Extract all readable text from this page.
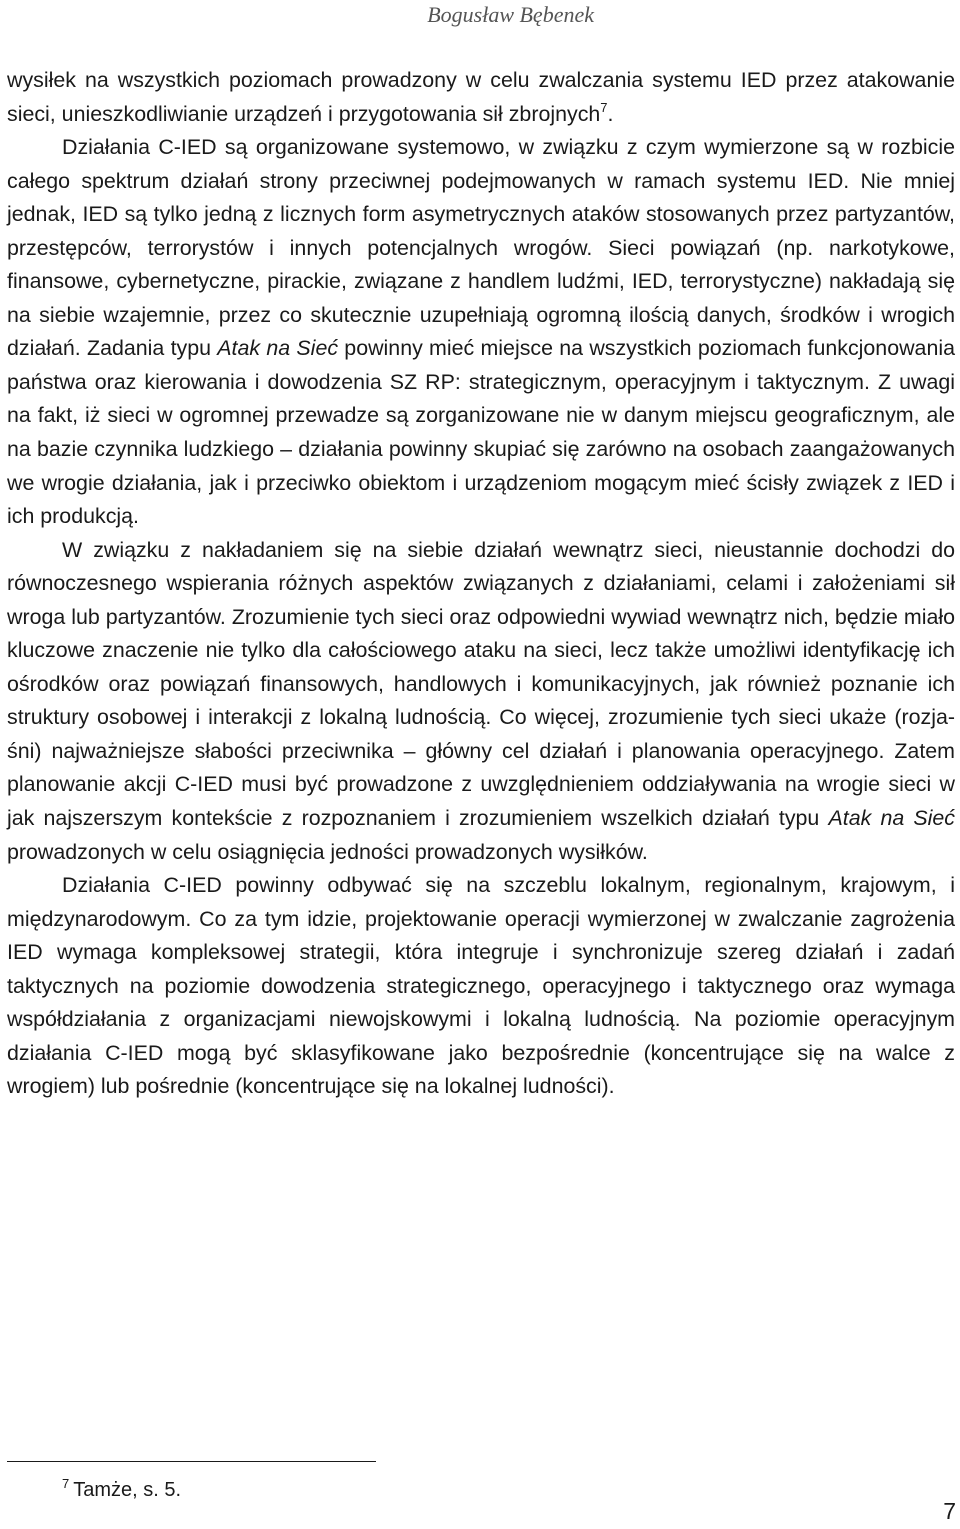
Bogusław Bębenek

wysiłek na wszystkich poziomach prowadzony w celu zwalczania systemu IED przez atakowanie sieci, unieszkodliwianie urządzeń i przygotowania sił zbrojnych$^7$.

Działania C-IED są organizowane systemowo, w związku z czym wymierzone są w rozbicie całego spektrum działań strony przeciwnej podejmowanych w ramach systemu IED. Nie mniej jednak, IED są tylko jedną z licznych form asymetrycznych ataków stosowanych przez partyzantów, przestępców, terrorystów i innych potencjalnych wrogów. Sieci powiązań (np. narkotykowe, finansowe, cybernetyczne, pirackie, związane z handlem ludźmi, IED, terrorystyczne) nakładają się na siebie wzajemnie, przez co skutecznie uzupełniają ogromną ilością danych, środków i wrogich działań. Zadania typu Atak na Sieć powinny mieć miejsce na wszystkich poziomach funkcjonowania państwa oraz kierowania i dowodzenia SZ RP: strategicznym, operacyjnym i taktycznym. Z uwagi na fakt, iż sieci w ogromnej przewadze są zorganizowane nie w danym miejscu geograficznym, ale na bazie czynnika ludzkiego – działania powinny skupiać się zarówno na osobach zaangażowanych we wrogie działania, jak i przeciwko obiektom i urządzeniom mogącym mieć ścisły związek z IED i ich produkcją.

W związku z nakładaniem się na siebie działań wewnątrz sieci, nieustannie dochodzi do równoczesnego wspierania różnych aspektów związanych z działaniami, celami i założeniami sił wroga lub partyzantów. Zrozumienie tych sieci oraz odpowiedni wywiad wewnątrz nich, będzie miało kluczowe znaczenie nie tylko dla całościowego ataku na sieci, lecz także umożliwi identyfikację ich ośrodków oraz powiązań finansowych, handlowych i komunikacyjnych, jak również poznanie ich struktury osobowej i interakcji z lokalną ludnością. Co więcej, zrozumienie tych sieci ukaże (rozjaśni) najważniejsze słabości przeciwnika – główny cel działań i planowania operacyjnego. Zatem planowanie akcji C-IED musi być prowadzone z uwzględnieniem oddziaływania na wrogie sieci w jak najszerszym kontekście z rozpoznaniem i zrozumieniem wszelkich działań typu Atak na Sieć prowadzonych w celu osiągnięcia jedności prowadzonych wysiłków.

Działania C-IED powinny odbywać się na szczeblu lokalnym, regionalnym, krajowym, i międzynarodowym. Co za tym idzie, projektowanie operacji wymierzonej w zwalczanie zagrożenia IED wymaga kompleksowej strategii, która integruje i synchronizuje szereg działań i zadań taktycznych na poziomie dowodzenia strategicznego, operacyjnego i taktycznego oraz wymaga współdziałania z organizacjami niewojskowymi i lokalną ludnością. Na poziomie operacyjnym działania C-IED mogą być sklasyfikowane jako bezpośrednie (koncentrujące się na walce z wrogiem) lub pośrednie (koncentrujące się na lokalnej ludności).

$^7$ Tamże, s. 5.
7
